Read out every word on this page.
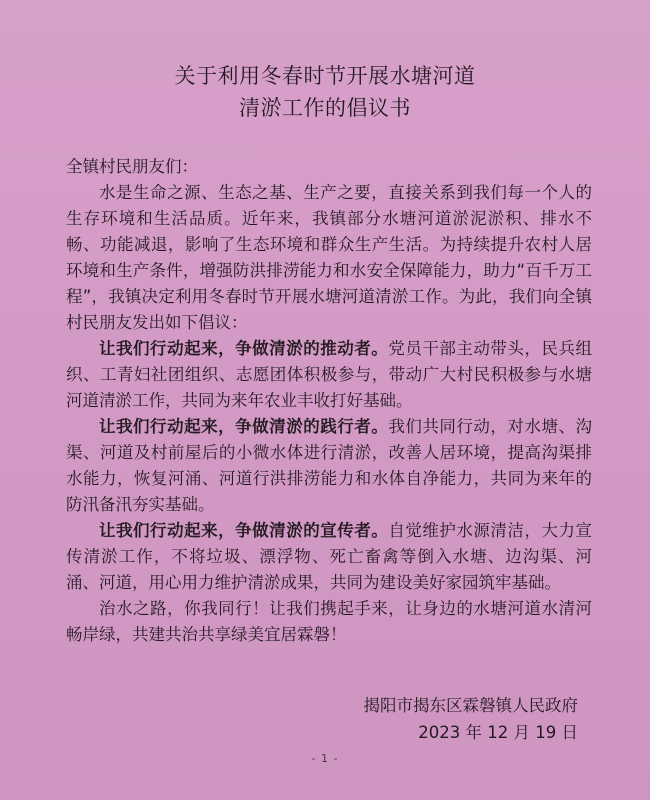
关于利用冬春时节开展水塘河道
清淤工作的倡议书

全镇村民朋友们：

水是生命之源、生态之基、生产之要，直接关系到我们每一个人的生存环境和生活品质。近年来，我镇部分水塘河道淤泥淤积、排水不畅、功能减退，影响了生态环境和群众生产生活。为持续提升农村人居环境和生产条件，增强防洪排涝能力和水安全保障能力，助力“百千万工程”，我镇决定利用冬春时节开展水塘河道清淤工作。为此，我们向全镇村民朋友发出如下倡议：

让我们行动起来，争做清淤的推动者。党员干部主动带头，民兵组织、工青妇社团组织、志愿团体积极参与，带动广大村民积极参与水塘河道清淤工作，共同为来年农业丰收打好基础。

让我们行动起来，争做清淤的践行者。我们共同行动，对水塘、沟渠、河道及村前屋后的小微水体进行清淤，改善人居环境，提高沟渠排水能力，恢复河涌、河道行洪排涝能力和水体自净能力，共同为来年的防汛备汛夯实基础。

让我们行动起来，争做清淤的宣传者。自觉维护水源清洁，大力宣传清淤工作，不将垃圾、漂浮物、死亡畜禽等倒入水塘、边沟渠、河涌、河道，用心用力维护清淤成果，共同为建设美好家园筑牢基础。

治水之路，你我同行！让我们携起手来，让身边的水塘河道水清河畅岸绿，共建共治共享绿美宜居霖磐！

揭阳市揭东区霖磐镇人民政府
2023 年 12 月 19 日
- 1 -
